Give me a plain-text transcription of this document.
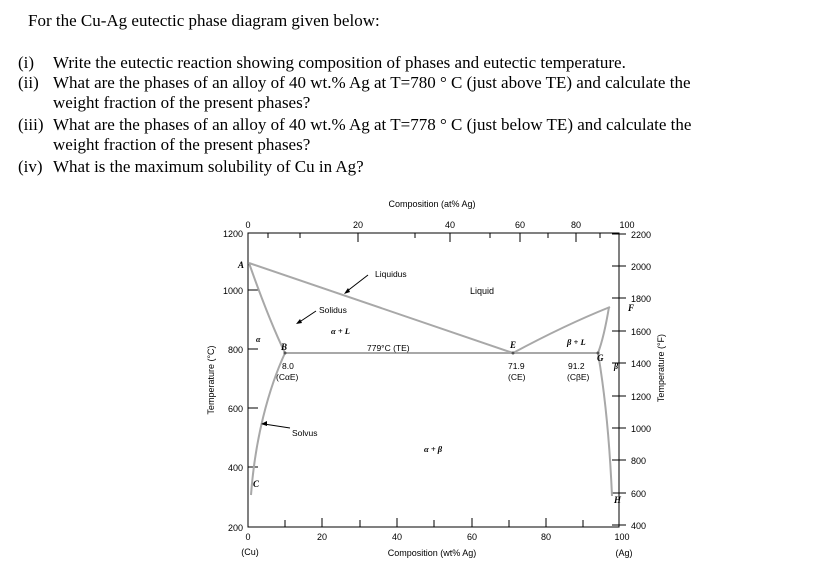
For the Cu-Ag eutectic phase diagram given below:
(i) Write the eutectic reaction showing composition of phases and eutectic temperature.
(ii) What are the phases of an alloy of 40 wt.% Ag at T=780 ° C (just above TE) and calculate the
weight fraction of the present phases?
(iii) What are the phases of an alloy of 40 wt.% Ag at T=778 ° C (just below TE) and calculate the
weight fraction of the present phases?
(iv) What is the maximum solubility of Cu in Ag?
Composition (at% Ag)
0	20	40	60	80	100
0	20	40	60	80	100
Composition (wt% Ag)
(Cu)	(Ag)
1200
1000
800
600
400
200
Temperature (°C)
2200
2000
1800
1600
1400
1200
1000
800
600
400
Temperature (°F)
A
B
C
E
F
G
H
Liquidus
Liquid
Solidus
α + L
β + L
α + β
779°C (TE)
Solvus
α
β
8.0
(CαE)
71.9
(CE)
91.2
(CβE)
